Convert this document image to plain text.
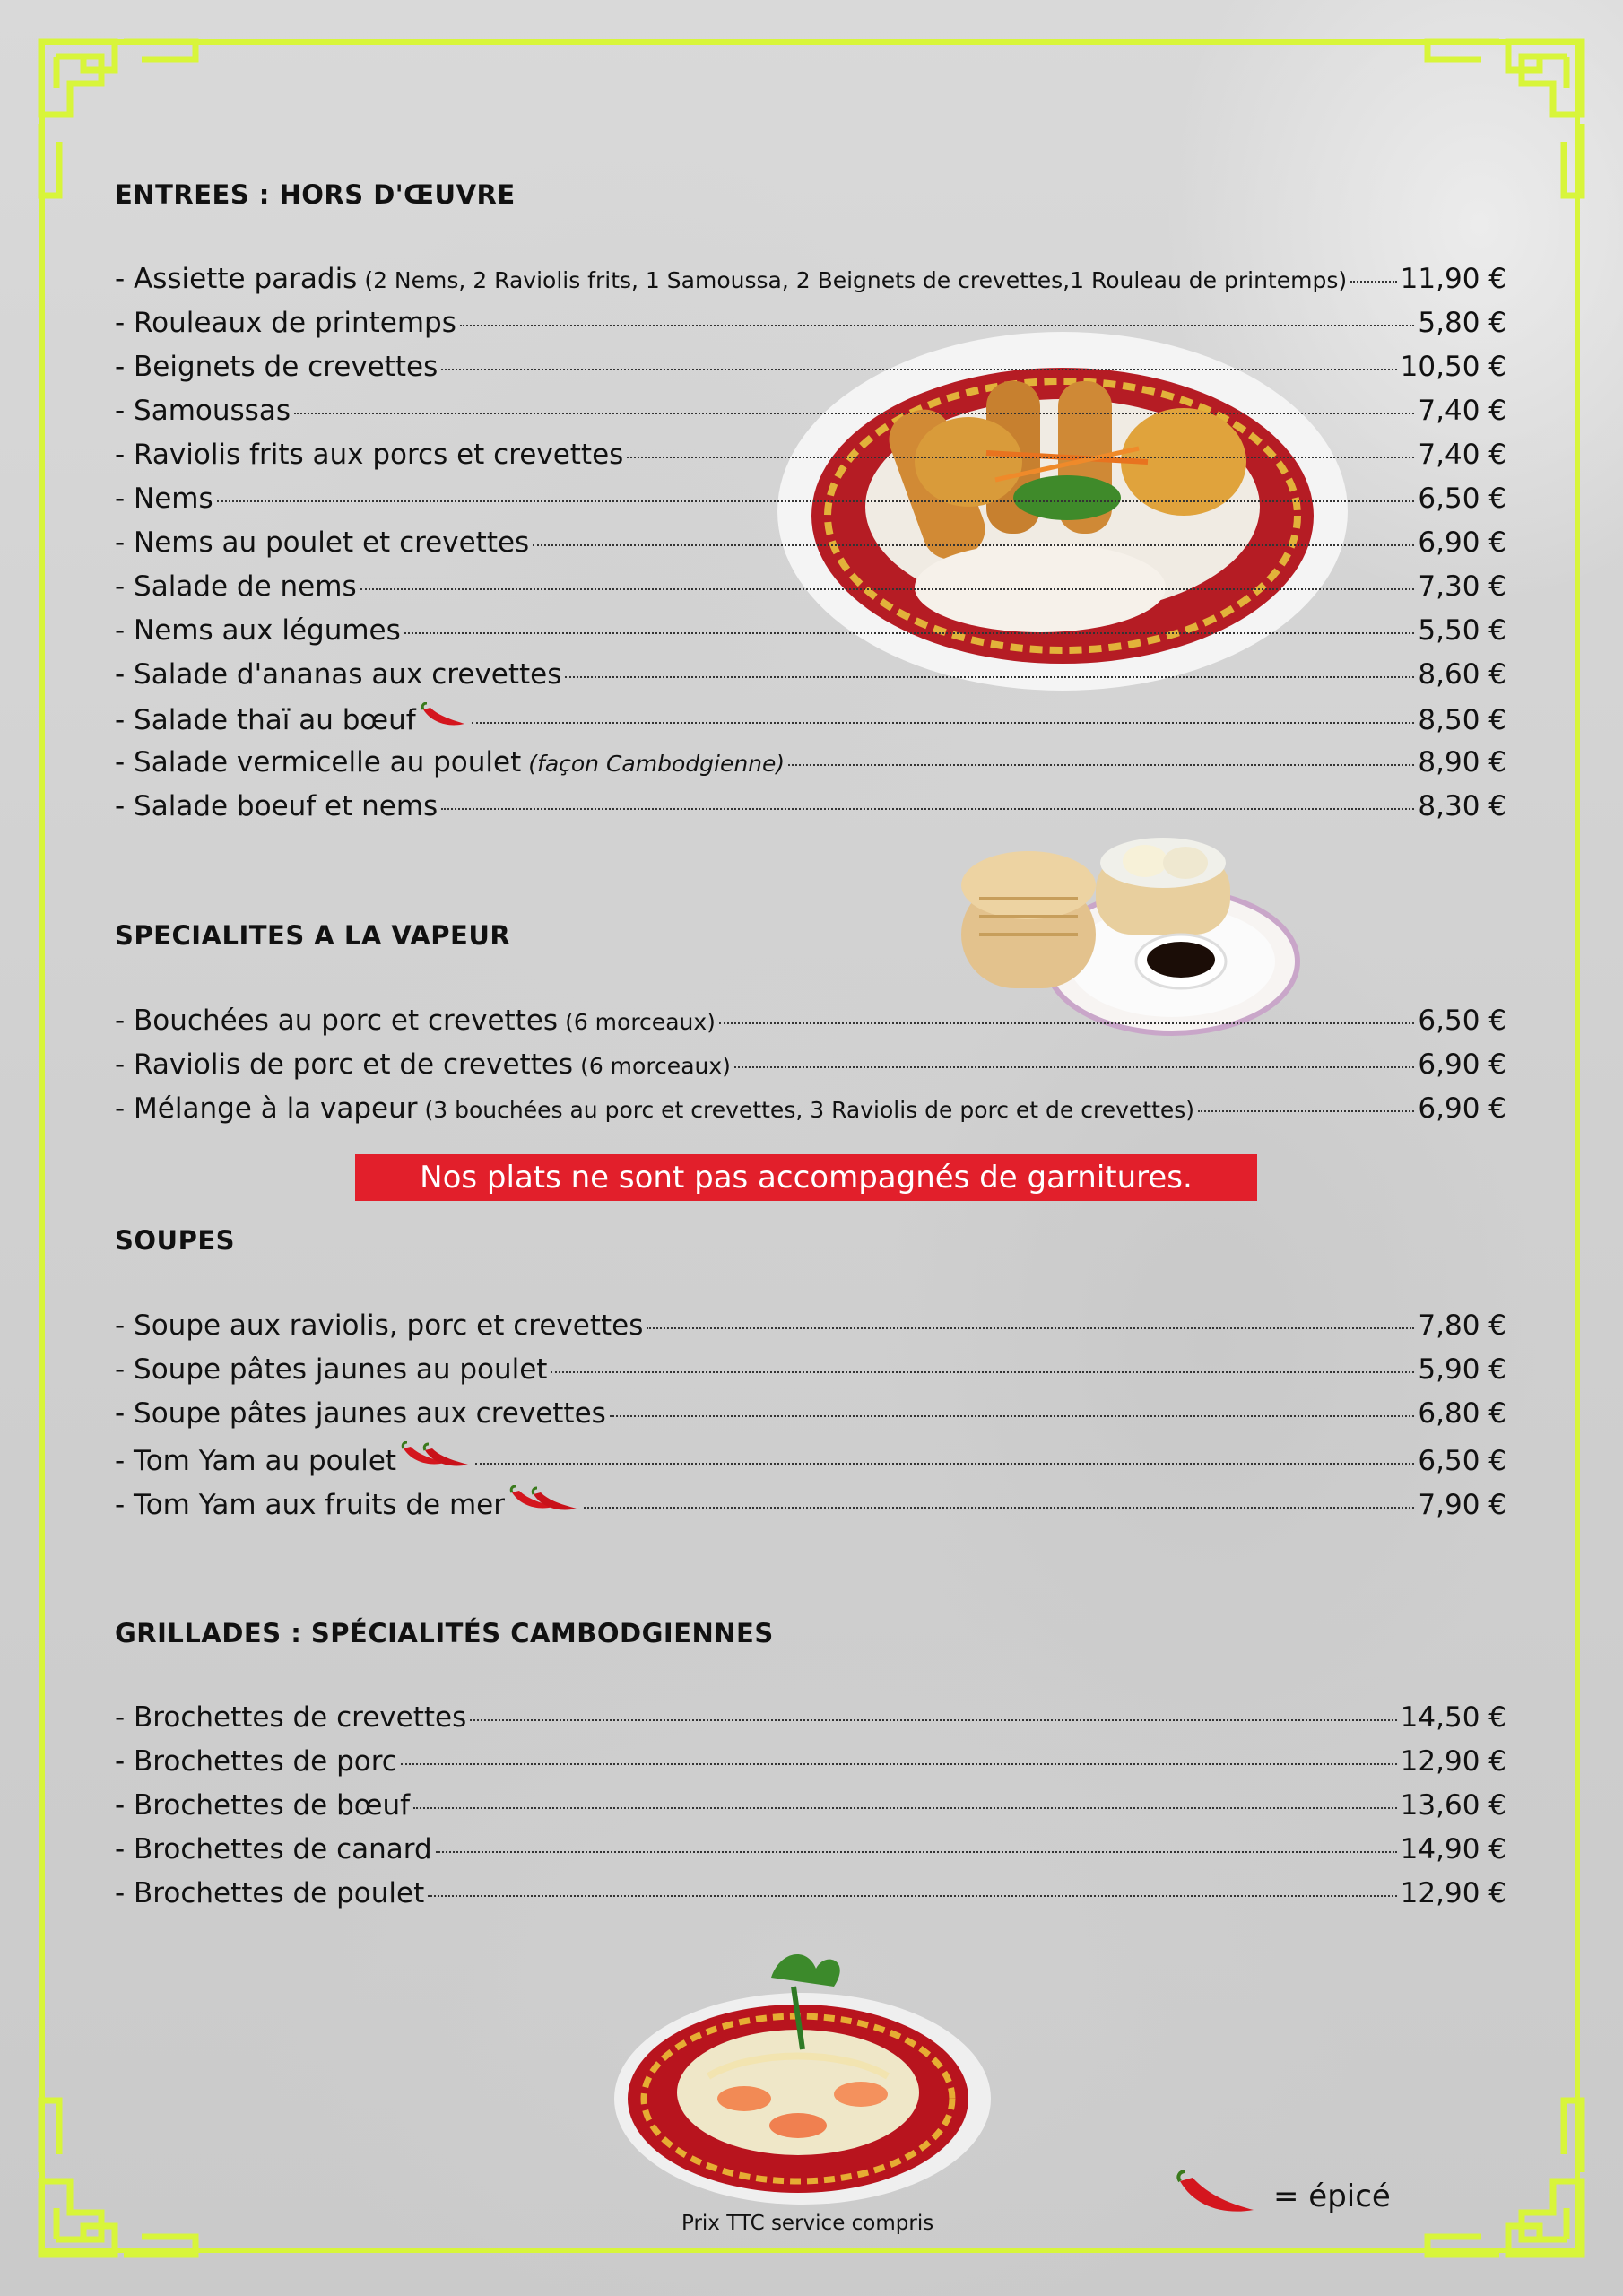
ENTREES : HORS D'ŒUVRE
- Assiette paradis (2 Nems, 2 Raviolis frits, 1 Samoussa, 2 Beignets de crevettes,1 Rouleau de printemps) 11,90 €
- Rouleaux de printemps	5,80 €
- Beignets de crevettes	10,50 €
- Samoussas	7,40 €
- Raviolis frits aux porcs et crevettes	7,40 €
- Nems	6,50 €
- Nems au poulet et crevettes	6,90 €
- Salade de nems	7,30 €
- Nems aux légumes	5,50 €
- Salade d'ananas aux crevettes	8,60 €
- Salade thaï au bœuf	8,50 €
- Salade vermicelle au poulet (façon Cambodgienne)	8,90 €
- Salade boeuf et nems	8,30 €
SPECIALITES A LA VAPEUR
- Bouchées au porc et crevettes (6 morceaux)	6,50 €
- Raviolis de porc et de crevettes (6 morceaux)	6,90 €
- Mélange à la vapeur (3 bouchées au porc et crevettes, 3 Raviolis de porc et de crevettes)	6,90 €
Nos plats ne sont pas accompagnés de garnitures.
SOUPES
- Soupe aux raviolis, porc et crevettes	7,80 €
- Soupe pâtes jaunes au poulet	5,90 €
- Soupe pâtes jaunes aux crevettes	6,80 €
- Tom Yam au poulet	6,50 €
- Tom Yam aux fruits de mer	7,90 €
GRILLADES : SPÉCIALITÉS CAMBODGIENNES
- Brochettes de crevettes	14,50 €
- Brochettes de porc	12,90 €
- Brochettes de bœuf	13,60 €
- Brochettes de canard	14,90 €
- Brochettes de poulet	12,90 €
Prix TTC service compris
= épicé
